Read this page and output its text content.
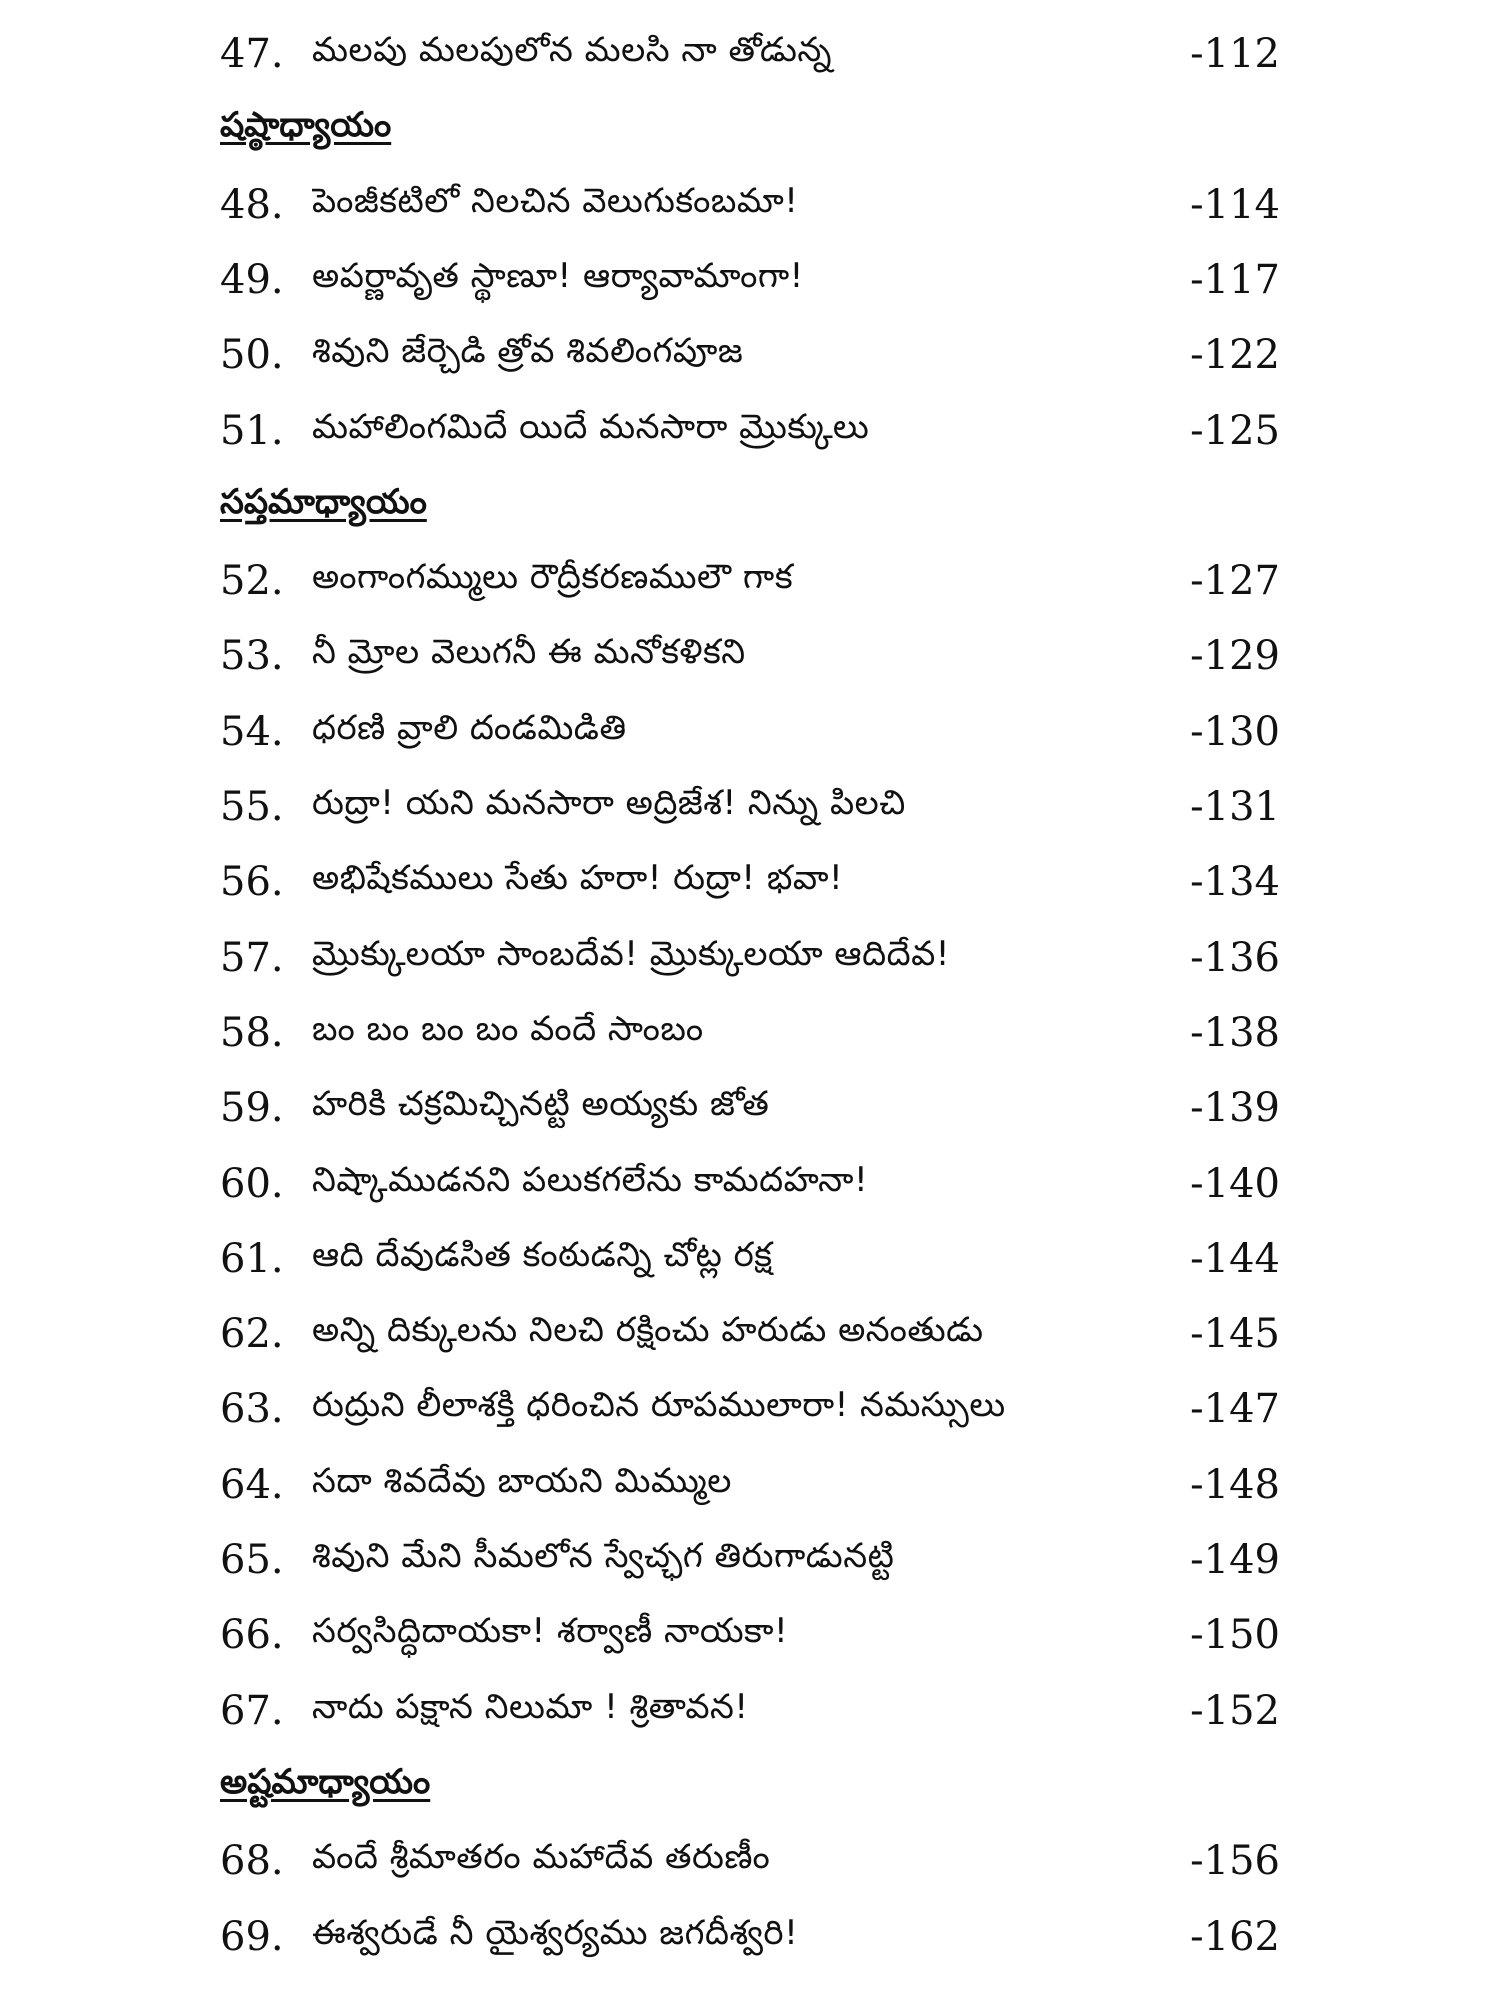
47. మలపు మలపులోన మలసి నా తోడున్న	-112
షష్ఠాధ్యాయం
48. పెంజీకటిలో నిలచిన వెలుగుకంబమా!	-114
49. అపర్ణావృత స్థాణూ! ఆర్యావామాంగా!	-117
50. శివుని జేర్చెడి త్రోవ శివలింగపూజ	-122
51. మహాలింగమిదే యిదే మనసారా మ్రొక్కులు	-125
సప్తమాధ్యాయం
52. అంగాంగమ్ములు రౌద్రీకరణములౌ గాక	-127
53. నీ మ్రోల వెలుగనీ ఈ మనోకళికని	-129
54. ధరణి వ్రాలి దండమిడితి	-130
55. రుద్రా! యని మనసారా అద్రిజేశ! నిన్ను పిలచి	-131
56. అభిషేకములు సేతు హరా! రుద్రా! భవా!	-134
57. మ్రొక్కులయా సాంబదేవ! మ్రొక్కులయా ఆదిదేవ!	-136
58. బం బం బం బం వందే సాంబం	-138
59. హరికి చక్రమిచ్చినట్టి అయ్యకు జోత	-139
60. నిష్కాముడనని పలుకగలేను కామదహనా!	-140
61. ఆది దేవుడసిత కంఠుడన్ని చోట్ల రక్ష	-144
62. అన్ని దిక్కులను నిలచి రక్షించు హరుడు అనంతుడు	-145
63. రుద్రుని లీలాశక్తి ధరించిన రూపములారా! నమస్సులు	-147
64. సదా శివదేవు బాయని మిమ్ముల	-148
65. శివుని మేని సీమలోన స్వేచ్ఛగ తిరుగాడునట్టి	-149
66. సర్వసిద్ధిదాయకా! శర్వాణీ నాయకా!	-150
67. నాదు పక్షాన నిలుమా ! శ్రితావన!	-152
అష్టమాధ్యాయం
68. వందే శ్రీమాతరం మహాదేవ తరుణీం	-156
69. ఈశ్వరుడే నీ యైశ్వర్యము జగదీశ్వరి!	-162
